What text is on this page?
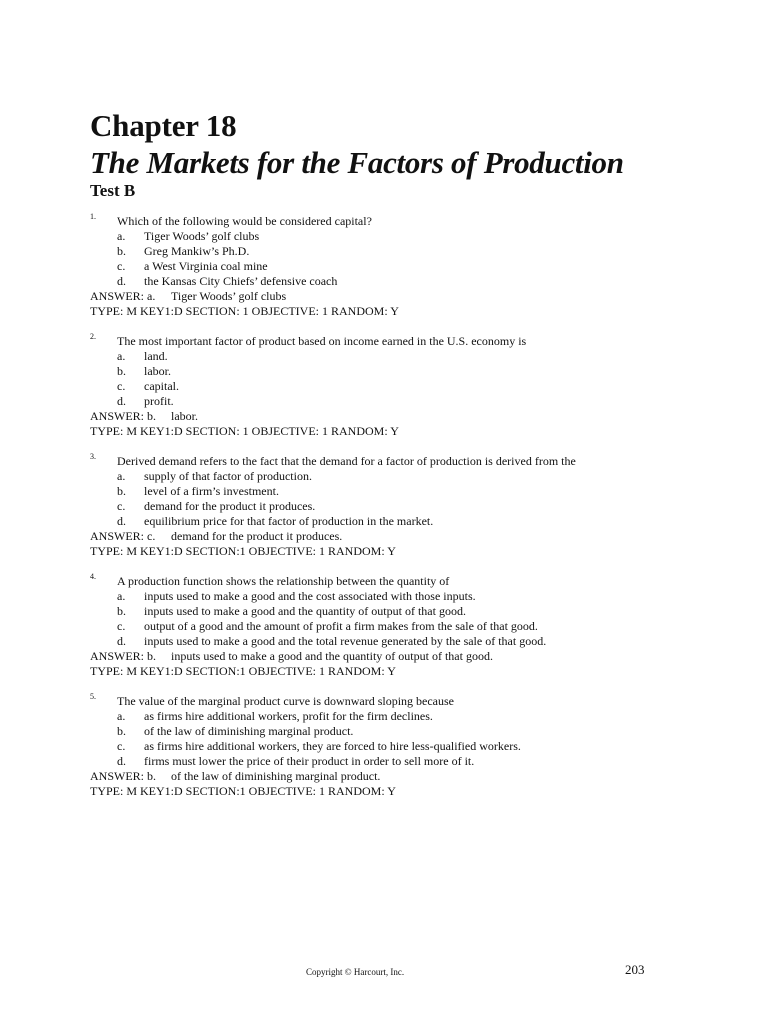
Chapter 18
The Markets for the Factors of Production
Test B
1. Which of the following would be considered capital?
a. Tiger Woods’ golf clubs
b. Greg Mankiw’s Ph.D.
c. a West Virginia coal mine
d. the Kansas City Chiefs’ defensive coach
ANSWER: a. Tiger Woods’ golf clubs
TYPE: M KEY1:D SECTION: 1 OBJECTIVE: 1 RANDOM: Y
2. The most important factor of product based on income earned in the U.S. economy is
a. land.
b. labor.
c. capital.
d. profit.
ANSWER: b. labor.
TYPE: M KEY1:D SECTION: 1 OBJECTIVE: 1 RANDOM: Y
3. Derived demand refers to the fact that the demand for a factor of production is derived from the
a. supply of that factor of production.
b. level of a firm’s investment.
c. demand for the product it produces.
d. equilibrium price for that factor of production in the market.
ANSWER: c. demand for the product it produces.
TYPE: M KEY1:D SECTION:1 OBJECTIVE: 1 RANDOM: Y
4. A production function shows the relationship between the quantity of
a. inputs used to make a good and the cost associated with those inputs.
b. inputs used to make a good and the quantity of output of that good.
c. output of a good and the amount of profit a firm makes from the sale of that good.
d. inputs used to make a good and the total revenue generated by the sale of that good.
ANSWER: b. inputs used to make a good and the quantity of output of that good.
TYPE: M KEY1:D SECTION:1 OBJECTIVE: 1 RANDOM: Y
5. The value of the marginal product curve is downward sloping because
a. as firms hire additional workers, profit for the firm declines.
b. of the law of diminishing marginal product.
c. as firms hire additional workers, they are forced to hire less-qualified workers.
d. firms must lower the price of their product in order to sell more of it.
ANSWER: b. of the law of diminishing marginal product.
TYPE: M KEY1:D SECTION:1 OBJECTIVE: 1 RANDOM: Y
Copyright © Harcourt, Inc.	203
